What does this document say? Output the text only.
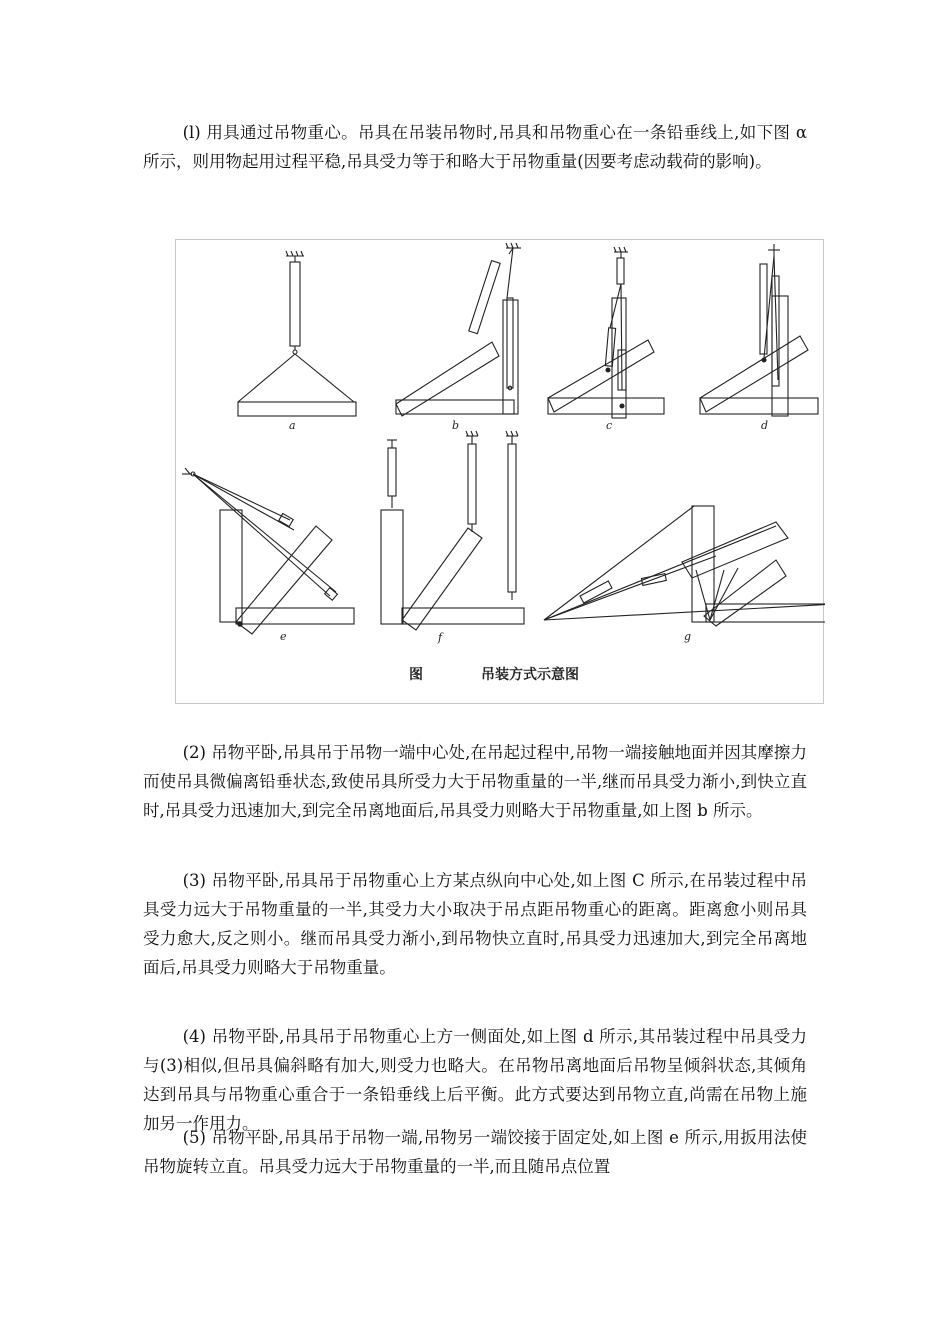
(l) 用具通过吊物重心。吊具在吊装吊物时,吊具和吊物重心在一条铅垂线上,如下图 α 所示，则用物起用过程平稳,吊具受力等于和略大于吊物重量(因要考虑动载荷的影响)。

a	b	c	d
e	f	g
图	吊装方式示意图

(2) 吊物平卧,吊具吊于吊物一端中心处,在吊起过程中,吊物一端接触地面并因其摩擦力而使吊具微偏离铅垂状态,致使吊具所受力大于吊物重量的一半,继而吊具受力渐小,到快立直时,吊具受力迅速加大,到完全吊离地面后,吊具受力则略大于吊物重量,如上图 b 所示。

(3) 吊物平卧,吊具吊于吊物重心上方某点纵向中心处,如上图 C 所示,在吊装过程中吊具受力远大于吊物重量的一半,其受力大小取决于吊点距吊物重心的距离。距离愈小则吊具受力愈大,反之则小。继而吊具受力渐小,到吊物快立直时,吊具受力迅速加大,到完全吊离地面后,吊具受力则略大于吊物重量。

(4) 吊物平卧,吊具吊于吊物重心上方一侧面处,如上图 d 所示,其吊装过程中吊具受力与(3)相似,但吊具偏斜略有加大,则受力也略大。在吊物吊离地面后吊物呈倾斜状态,其倾角达到吊具与吊物重心重合于一条铅垂线上后平衡。此方式要达到吊物立直,尚需在吊物上施加另一作用力。

(5) 吊物平卧,吊具吊于吊物一端,吊物另一端饺接于固定处,如上图 e 所示,用扳用法使吊物旋转立直。吊具受力远大于吊物重量的一半,而且随吊点位置
